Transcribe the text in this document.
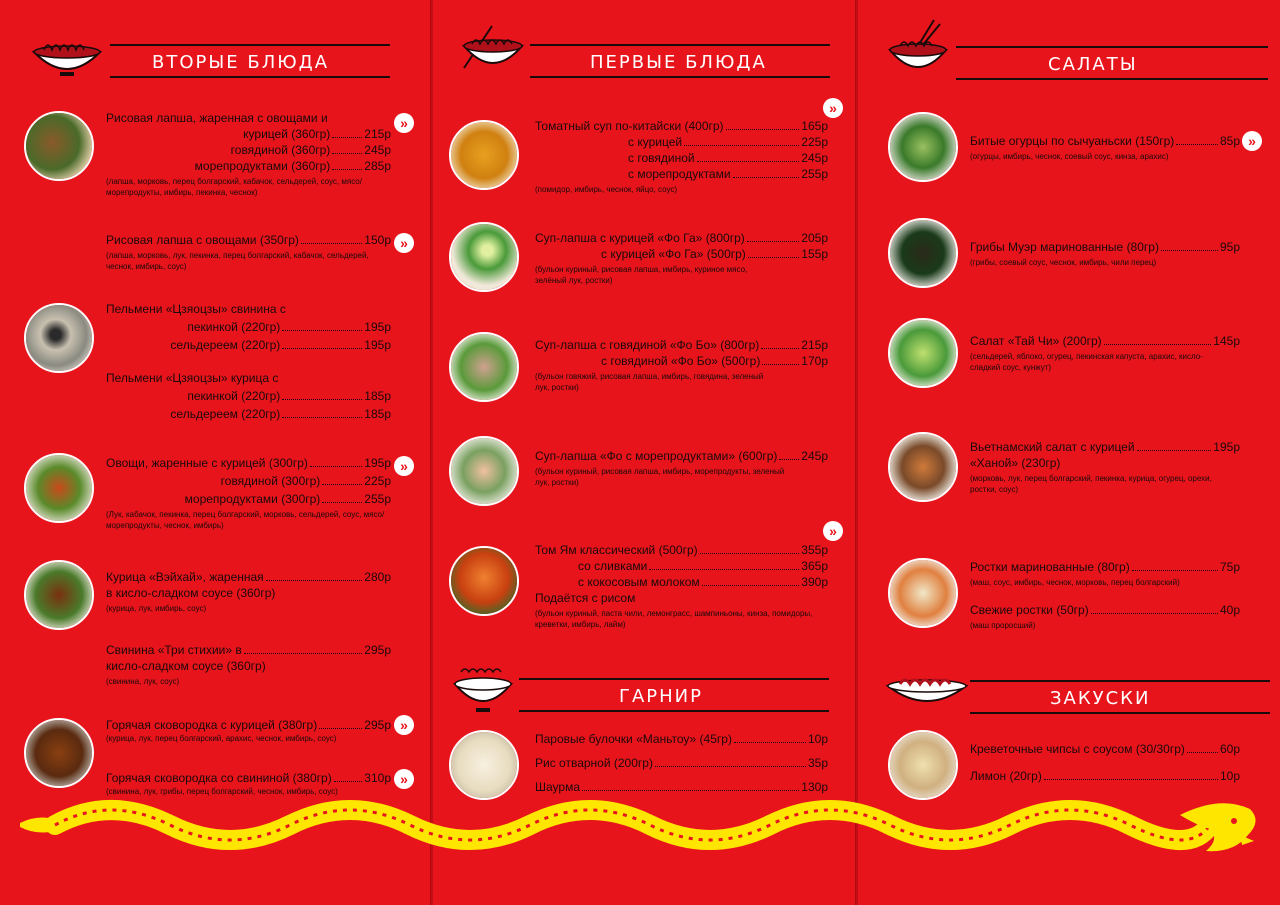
ВТОРЫЕ БЛЮДА
Рисовая лапша, жаренная с овощами и
курицей (360гр)	215р
говядиной (360гр)	245р
морепродуктами (360гр)	285р
(лапша, морковь, перец болгарский, кабачок, сельдерей, соус, мясо/морепродукты, имбирь, пекинка, чеснок)
»
Рисовая лапша с овощами (350гр)	150р
(лапша, морковь, лук, пекинка, перец болгарский, кабачок, сельдерей, чеснок, имбирь, соус)
»
Пельмени «Цзяоцзы» свинина с
пекинкой (220гр)	195р
сельдереем (220гр)	195р
Пельмени «Цзяоцзы» курица с
пекинкой (220гр)	185р
сельдереем (220гр)	185р
Овощи, жаренные с курицей (300гр)	195р
говядиной (300гр)	225р
морепродуктами (300гр)	255р
(Лук, кабачок, пекинка, перец болгарский, морковь, сельдерей, соус, мясо/морепродукты, чеснок, имбирь)
»
Курица «Вэйхай», жаренная	280р
в кисло-сладком соусе (360гр)
(курица, лук, имбирь, соус)
Свинина «Три стихии» в	295р
кисло-сладком соусе (360гр)
(свинина, лук, соус)
Горячая сковородка с курицей (380гр)	295р
(курица, лук, перец болгарский, арахис, чеснок, имбирь, соус)
»
Горячая сковородка со свининой (380гр)	310р
(свинина, лук, грибы, перец болгарский, чеснок, имбирь, соус)
»
ПЕРВЫЕ БЛЮДА
»
Томатный суп по-китайски (400гр)	165р
с курицей	225р
с говядиной	245р
с морепродуктами	255р
(помидор, имбирь, чеснок, яйцо, соус)
Суп-лапша с курицей «Фо Га» (800гр)	205р
с курицей «Фо Га» (500гр)	155р
(бульон куриный, рисовая лапша, имбирь, куриное мясо, зелёный лук, ростки)
Суп-лапша с говядиной «Фо Бо» (800гр)	215р
с говядиной «Фо Бо» (500гр)	170р
(бульон говяжий, рисовая лапша, имбирь, говядина, зеленый лук, ростки)
Суп-лапша «Фо с морепродуктами» (600гр) 245р
(бульон куриный, рисовая лапша, имбирь, морепродукты, зеленый лук, ростки)
»
Том Ям классический (500гр)	355р
со сливками	365р
с кокосовым молоком	390р
Подаётся с рисом
(бульон куриный, паста чили, лемонграсс, шампиньоны, кинза, помидоры, креветки, имбирь, лайм)
ГАРНИР
Паровые булочки «Маньтоу» (45гр)	10р
Рис отварной (200гр)	35р
Шаурма	130р
САЛАТЫ
Битые огурцы по сычуаньски (150гр)	85р
(огурцы, имбирь, чеснок, соевый соус, кинза, арахис)
»
Грибы Муэр маринованные (80гр)	95р
(грибы, соевый соус, чеснок, имбирь, чили перец)
Салат «Тай Чи» (200гр)	145р
(сельдерей, яблоко, огурец, пекинская капуста, арахис, кисло-сладкий соус, кунжут)
Вьетнамский салат с курицей	195р
«Ханой» (230гр)
(морковь, лук, перец болгарский, пекинка, курица, огурец, орехи, ростки, соус)
Ростки маринованные (80гр)	75р
(маш, соус, имбирь, чеснок, морковь, перец болгарский)
Свежие ростки (50гр)	40р
(маш проросший)
ЗАКУСКИ
Креветочные чипсы с соусом (30/30гр)	60р
Лимон (20гр)	10р
